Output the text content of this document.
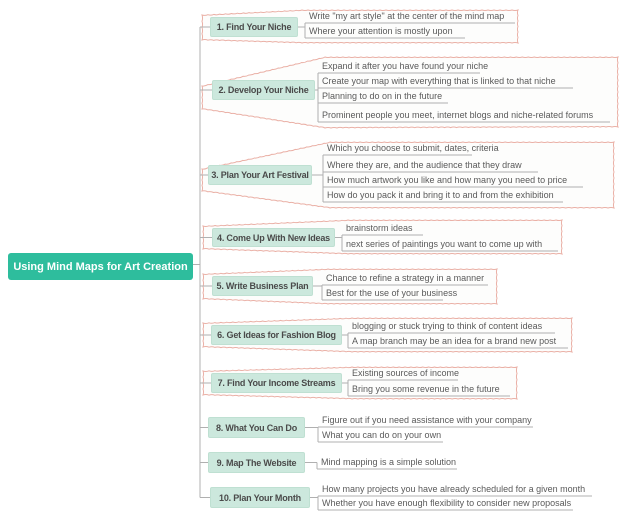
Using Mind Maps for Art Creation
1. Find Your Niche
2. Develop Your Niche
3. Plan Your Art Festival
4. Come Up With New Ideas
5. Write Business Plan
6. Get Ideas for Fashion Blog
7. Find Your Income Streams
8. What You Can Do
9. Map The Website
10. Plan Your Month
Write "my art style" at the center of the mind map
Where your attention is mostly upon
Expand it after you have found your niche
Create your map with everything that is linked to that niche
Planning to do on in the future
Prominent people you meet, internet blogs and niche-related forums
Which you choose to submit, dates, criteria
Where they are, and the audience that they draw
How much artwork you like and how many you need to price
How do you pack it and bring it to and from the exhibition
brainstorm ideas
next series of paintings you want to come up with
Chance to refine a strategy in a manner
Best for the use of your business
blogging or stuck trying to think of content ideas
A map branch may be an idea for a brand new post
Existing sources of income
Bring you some revenue in the future
Figure out if you need assistance with your company
What you can do on your own
Mind mapping is a simple solution
How many projects you have already scheduled for a given month
Whether you have enough flexibility to consider new proposals
